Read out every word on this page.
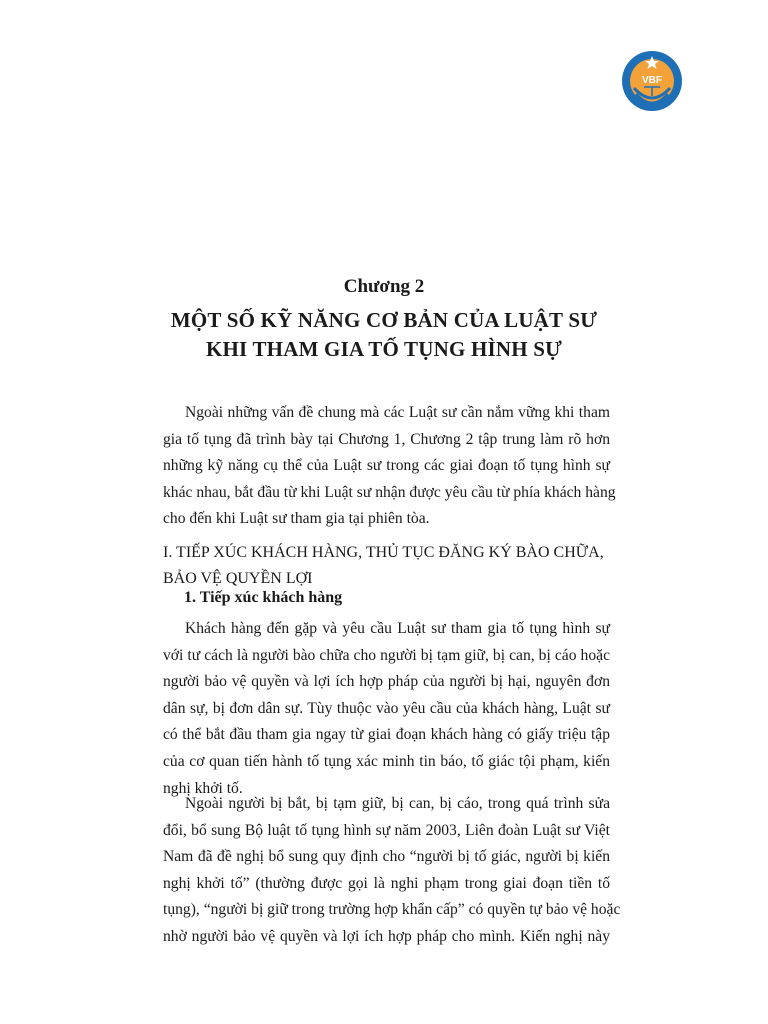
VBF
Chương 2
MỘT SỐ KỸ NĂNG CƠ BẢN CỦA LUẬT SƯ
KHI THAM GIA TỐ TỤNG HÌNH SỰ
Ngoài những vấn đề chung mà các Luật sư cần nắm vững khi tham
gia tố tụng đã trình bày tại Chương 1, Chương 2 tập trung làm rõ hơn
những kỹ năng cụ thể của Luật sư trong các giai đoạn tố tụng hình sự
khác nhau, bắt đầu từ khi Luật sư nhận được yêu cầu từ phía khách hàng
cho đến khi Luật sư tham gia tại phiên tòa.
I. TIẾP XÚC KHÁCH HÀNG, THỦ TỤC ĐĂNG KÝ BÀO CHỮA,
BẢO VỆ QUYỀN LỢI
1. Tiếp xúc khách hàng
Khách hàng đến gặp và yêu cầu Luật sư tham gia tố tụng hình sự
với tư cách là người bào chữa cho người bị tạm giữ, bị can, bị cáo hoặc
người bảo vệ quyền và lợi ích hợp pháp của người bị hại, nguyên đơn
dân sự, bị đơn dân sự. Tùy thuộc vào yêu cầu của khách hàng, Luật sư
có thể bắt đầu tham gia ngay từ giai đoạn khách hàng có giấy triệu tập
của cơ quan tiến hành tố tụng xác minh tin báo, tố giác tội phạm, kiến
nghị khởi tố.
Ngoài người bị bắt, bị tạm giữ, bị can, bị cáo, trong quá trình sửa
đổi, bổ sung Bộ luật tố tụng hình sự năm 2003, Liên đoàn Luật sư Việt
Nam đã đề nghị bổ sung quy định cho “người bị tố giác, người bị kiến
nghị khởi tố” (thường được gọi là nghi phạm trong giai đoạn tiền tố
tụng), “người bị giữ trong trường hợp khẩn cấp” có quyền tự bảo vệ hoặc
nhờ người bảo vệ quyền và lợi ích hợp pháp cho mình. Kiến nghị này
